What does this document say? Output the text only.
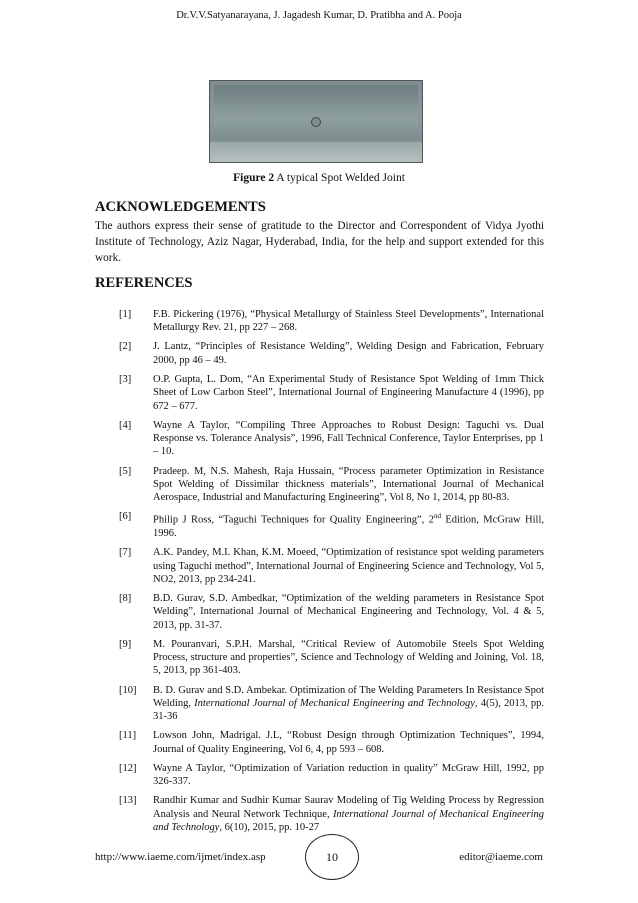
Dr.V.V.Satyanarayana, J. Jagadesh Kumar, D. Pratibha and A. Pooja
Figure 2 A typical Spot Welded Joint
ACKNOWLEDGEMENTS

The authors express their sense of gratitude to the Director and Correspondent of Vidya Jyothi Institute of Technology, Aziz Nagar, Hyderabad, India, for the help and support extended for this work.

REFERENCES
[1]	F.B. Pickering (1976), “Physical Metallurgy of Stainless Steel Developments”, International Metallurgy Rev. 21, pp 227 – 268.
[2]	J. Lantz, “Principles of Resistance Welding”, Welding Design and Fabrication, February 2000, pp 46 – 49.
[3]	O.P. Gupta, L. Dom, “An Experimental Study of Resistance Spot Welding of 1mm Thick Sheet of Low Carbon Steel”, International Journal of Engineering Manufacture 4 (1996), pp 672 – 677.
[4]	Wayne A Taylor, “Compiling Three Approaches to Robust Design: Taguchi vs. Dual Response vs. Tolerance Analysis”, 1996, Fall Technical Conference, Taylor Enterprises, pp 1 – 10.
[5]	Pradeep. M, N.S. Mahesh, Raja Hussain, “Process parameter Optimization in Resistance Spot Welding of Dissimilar thickness materials”, International Journal of Mechanical Aerospace, Industrial and Manufacturing Engineering”, Vol 8, No 1, 2014, pp 80-83.
[6]	Philip J Ross, “Taguchi Techniques for Quality Engineering”, 2nd Edition, McGraw Hill, 1996.
[7]	A.K. Pandey, M.I. Khan, K.M. Moeed, “Optimization of resistance spot welding parameters using Taguchi method”, International Journal of Engineering Science and Technology, Vol 5, NO2, 2013, pp 234-241.
[8]	B.D. Gurav, S.D. Ambedkar, “Optimization of the welding parameters in Resistance Spot Welding”, International Journal of Mechanical Engineering and Technology, Vol. 4 & 5, 2013, pp. 31-37.
[9]	M. Pouranvari, S.P.H. Marshal, “Critical Review of Automobile Steels Spot Welding Process, structure and properties”, Science and Technology of Welding and Joining, Vol. 18, 5, 2013, pp 361-403.
[10]	B. D. Gurav and S.D. Ambekar. Optimization of The Welding Parameters In Resistance Spot Welding, International Journal of Mechanical Engineering and Technology, 4(5), 2013, pp. 31-36
[11]	Lowson John, Madrigal. J.L, “Robust Design through Optimization Techniques”, 1994, Journal of Quality Engineering, Vol 6, 4, pp 593 – 608.
[12]	Wayne A Taylor, “Optimization of Variation reduction in quality” McGraw Hill, 1992, pp 326-337.
[13]	Randhir Kumar and Sudhir Kumar Saurav Modeling of Tig Welding Process by Regression Analysis and Neural Network Technique, International Journal of Mechanical Engineering and Technology, 6(10), 2015, pp. 10-27
http://www.iaeme.com/ijmet/index.asp	10	editor@iaeme.com
